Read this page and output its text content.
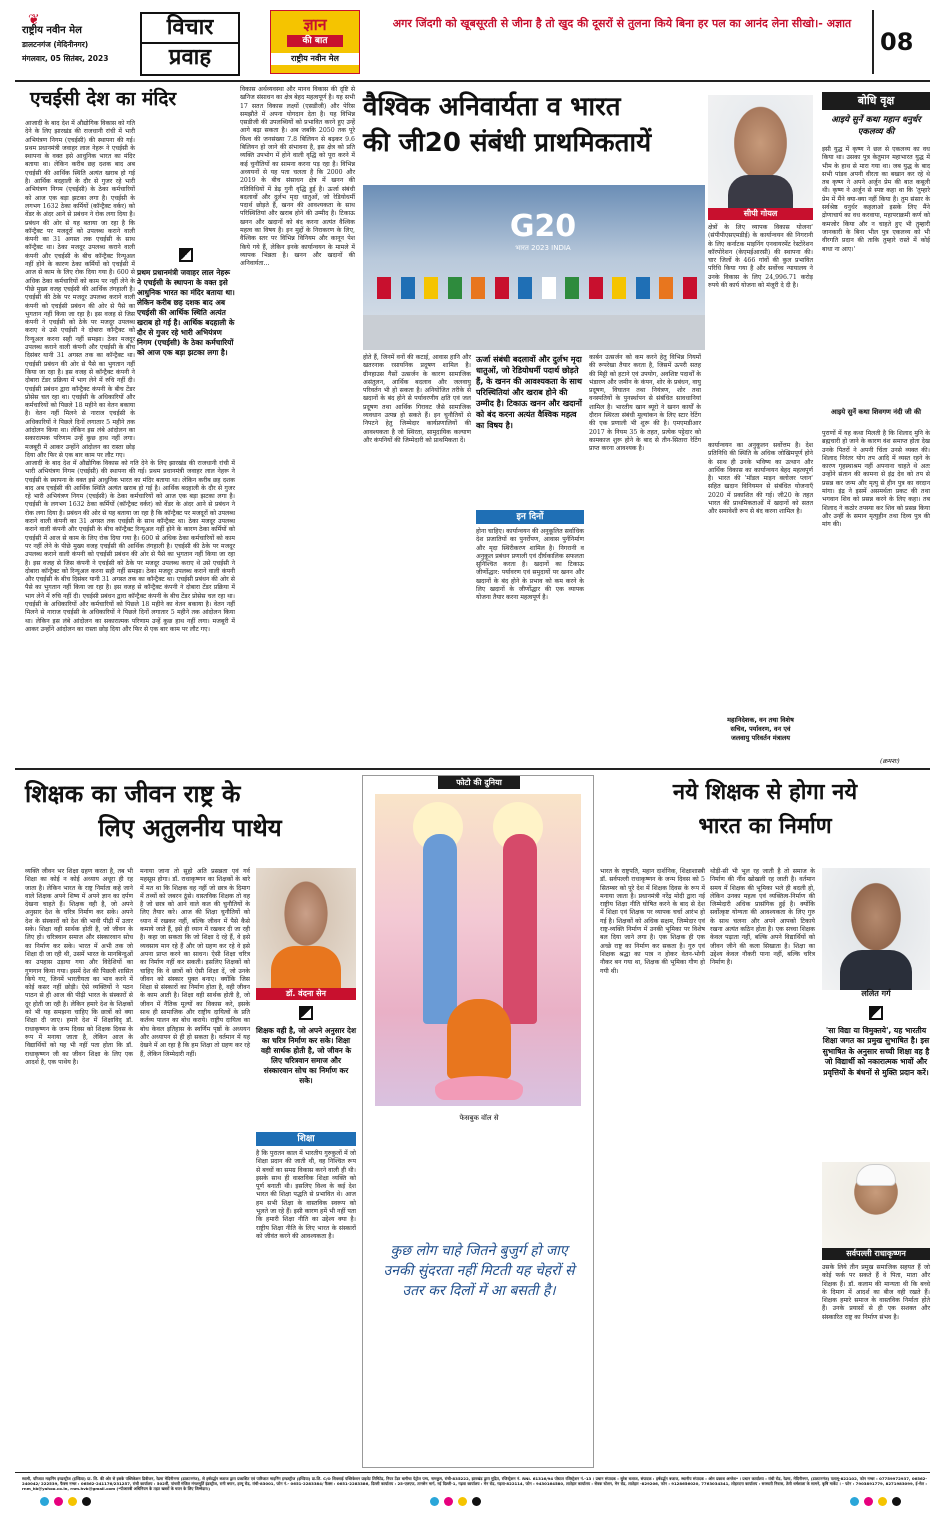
❦
राष्ट्रीय नवीन मेल
डालटनगंज (मेदिनीनगर)
मंगलवार, 05 सितंबर, 2023
विचार
प्रवाह
ज्ञान
की बात
राष्ट्रीय नवीन मेल
अगर जिंदगी को खूबसूरती से जीना है तो खुद की दूसरों से तुलना किये बिना हर पल का आनंद लेना सीखो।- अज्ञात
08
एचईसी देश का मंदिर
आजादी के बाद देश में औद्योगिक विकास को गति देने के लिए झारखंड की राजधानी रांची में भारी अभियंत्रण निगम (एचईसी) की स्थापना की गई। प्रथम प्रधानमंत्री जवाहर लाल नेहरू ने एचईसी के स्थापना के वक्त इसे आधुनिक भारत का मंदिर बताया था। लेकिन करीब छह दशक बाद अब एचईसी की आर्थिक स्थिति अत्यंत खराब हो गई है। आर्थिक बदहाली के दौर से गुजर रहे भारी अभियंत्रण निगम (एचईसी) के ठेका कर्मचारियों को आज एक बड़ा झटका लगा है। एचईसी के लगभग 1632 ठेका कर्मियों (कॉन्ट्रैक्ट वर्कर) को वेंडर के अंदर आने से प्रबंधन ने रोक लगा दिया है। प्रबंधन की ओर से यह बताया जा रहा है कि कॉन्ट्रैक्ट पर मजदूरों को उपलब्ध कराने वाली कंपनी का 31 अगस्त तक एचईसी के साथ कॉन्ट्रैक्ट था। ठेका मजदूर उपलब्ध कराने वाली कंपनी और एचईसी के बीच कॉन्ट्रैक्ट रिन्यूअल नहीं होने के कारण ठेका कर्मियों को एचईसी में आज से काम के लिए रोक दिया गया है। 600 से अधिक ठेका कर्मचारियों को काम पर नहीं लेने के पीछे मुख्य वजह एचईसी की आर्थिक तंगहाली है। एचईसी की ठेके पर मजदूर उपलब्ध कराने वाली कंपनी को एचईसी प्रबंधन की ओर से पैसे का भुगतान नहीं किया जा रहा है। इस वजह से जिस कंपनी ने एचईसी को ठेके पर मजदूर उपलब्ध कराए थे उसे एचईसी ने दोबारा कॉन्ट्रैक्ट को रिन्यूअल करना सही नहीं समझा। ठेका मजदूर उपलब्ध कराने वाली कंपनी और एचईसी के बीच दिसंबर यानी 31 अगस्त तक का कॉन्ट्रैक्ट था। एचईसी प्रबंधन की ओर से पैसे का भुगतान नहीं किया जा रहा है। इस वजह से कॉन्ट्रैक्ट कंपनी ने दोबारा टेंडर प्रक्रिया में भाग लेने में रुचि नहीं दी। एचईसी प्रबंधन द्वारा कॉन्ट्रैक्ट कंपनी के बीच टेंडर प्रोसेस चल रहा था। एचईसी के अधिकारियों और कर्मचारियों को पिछले 18 महीने का वेतन बकाया है। वेतन नहीं मिलने से नाराज एचईसी के अधिकारियों ने पिछले दिनों लगातार 5 महीने तक आंदोलन किया था। लेकिन इस लंबे आंदोलन का सकारात्मक परिणाम उन्हें कुछ हाथ नहीं लगा। मजबूरी में आकर उन्होंने आंदोलन का रास्ता छोड़ दिया और फिर से एक बार काम पर लौट गए।
प्रथम प्रधानमंत्री जवाहर लाल नेहरू ने एचईसी के स्थापना के वक्त इसे आधुनिक भारत का मंदिर बताया था। लेकिन करीब छह दशक बाद अब एचईसी की आर्थिक स्थिति अत्यंत खराब हो गई है। आर्थिक बदहाली के दौर से गुजर रहे भारी अभियंत्रण निगम (एचईसी) के ठेका कर्मचारियों को आज एक बड़ा झटका लगा है।
आजादी के बाद देश में औद्योगिक विकास को गति देने के लिए झारखंड की राजधानी रांची में भारी अभियंत्रण निगम (एचईसी) की स्थापना की गई। प्रथम प्रधानमंत्री जवाहर लाल नेहरू ने एचईसी के स्थापना के वक्त इसे आधुनिक भारत का मंदिर बताया था। लेकिन करीब छह दशक बाद अब एचईसी की आर्थिक स्थिति अत्यंत खराब हो गई है। आर्थिक बदहाली के दौर से गुजर रहे भारी अभियंत्रण निगम (एचईसी) के ठेका कर्मचारियों को आज एक बड़ा झटका लगा है। एचईसी के लगभग 1632 ठेका कर्मियों (कॉन्ट्रैक्ट वर्कर) को वेंडर के अंदर आने से प्रबंधन ने रोक लगा दिया है। प्रबंधन की ओर से यह बताया जा रहा है कि कॉन्ट्रैक्ट पर मजदूरों को उपलब्ध कराने वाली कंपनी का 31 अगस्त तक एचईसी के साथ कॉन्ट्रैक्ट था। ठेका मजदूर उपलब्ध कराने वाली कंपनी और एचईसी के बीच कॉन्ट्रैक्ट रिन्यूअल नहीं होने के कारण ठेका कर्मियों को एचईसी में आज से काम के लिए रोक दिया गया है। 600 से अधिक ठेका कर्मचारियों को काम पर नहीं लेने के पीछे मुख्य वजह एचईसी की आर्थिक तंगहाली है। एचईसी की ठेके पर मजदूर उपलब्ध कराने वाली कंपनी को एचईसी प्रबंधन की ओर से पैसे का भुगतान नहीं किया जा रहा है। इस वजह से जिस कंपनी ने एचईसी को ठेके पर मजदूर उपलब्ध कराए थे उसे एचईसी ने दोबारा कॉन्ट्रैक्ट को रिन्यूअल करना सही नहीं समझा। ठेका मजदूर उपलब्ध कराने वाली कंपनी और एचईसी के बीच दिसंबर यानी 31 अगस्त तक का कॉन्ट्रैक्ट था। एचईसी प्रबंधन की ओर से पैसे का भुगतान नहीं किया जा रहा है। इस वजह से कॉन्ट्रैक्ट कंपनी ने दोबारा टेंडर प्रक्रिया में भाग लेने में रुचि नहीं दी। एचईसी प्रबंधन द्वारा कॉन्ट्रैक्ट कंपनी के बीच टेंडर प्रोसेस चल रहा था। एचईसी के अधिकारियों और कर्मचारियों को पिछले 18 महीने का वेतन बकाया है। वेतन नहीं मिलने से नाराज एचईसी के अधिकारियों ने पिछले दिनों लगातार 5 महीने तक आंदोलन किया था। लेकिन इस लंबे आंदोलन का सकारात्मक परिणाम उन्हें कुछ हाथ नहीं लगा। मजबूरी में आकर उन्होंने आंदोलन का रास्ता छोड़ दिया और फिर से एक बार काम पर लौट गए।
विकास अर्थव्यवस्था और मानव विकास की दृष्टि से खनिज संसाधन का क्षेत्र बेहद महत्वपूर्ण है। यह सभी 17 सतत विकास लक्ष्यों (एसडीजी) और पेरिस समझौते में अपना योगदान देता है। यह विभिन्न एसडीजी की उपलब्धियों को प्रभावित करने हुए उन्हें आगे बढ़ा सकता है। अब जबकि 2050 तक पूरे विश्व की जनसंख्या 7.8 बिलियन से बढ़कर 9.6 बिलियन हो जाने की संभावना है, इस क्षेत्र को प्रति व्यक्ति उपभोग में होने वाली वृद्धि को पूरा करने में कई चुनौतियों का सामना करना पड़ रहा है। विभिन्न अध्ययनों से यह पता चलता है कि 2000 और 2019 के बीच संसाधन क्षेत्र में खनन की गतिविधियों में डेढ़ गुनी वृद्धि हुई है। ऊर्जा संबंधी बदलावों और दुर्लभ मृदा धातुओं, जो रेडियोधर्मी पदार्थ छोड़ते हैं, खनन की आवश्यकता के साथ परिस्थितियां और खराब होने की उम्मीद है। टिकाऊ खनन और खदानों को बंद करना अत्यंत वैश्विक महत्व का विषय है। इन मुद्दों के निराकरण के लिए, वैश्विक स्तर पर विभिन्न विनियम और कानून पेश किये गये हैं, लेकिन इनके कार्यान्वयन के मामले में व्यापक भिन्नता है। खनन और खदानों की अनिवार्यता...
वैश्विक अनिवार्यता व भारत
की जी20 संबंधी प्राथमिकतायें
G20
भारत 2023 INDIA
सीपी गोयल
क्षेत्रों के लिए व्यापक विकास योजना' (संपीपीएसएमडीई) के कार्यान्वयन की निगरानी के लिए कर्नाटक माइनिंग एनवायरमेंट रेस्टोरेशन कॉरपोरेशन (केएमईआरसी) की स्थापना की। चार जिलों के 466 गांवों की कुल प्रभावित परिधि किया गया है और सर्वोच्च न्यायालय ने उनके विकास के लिए 24,996.71 करोड़ रुपये की कार्य योजना को मंजूरी दे दी है।
होते हैं, जिनमें वनों की कटाई, आवास हानि और खतरनाक रसायनिक प्रदूषण शामिल है। ग्रीनहाउस गैसों उत्सर्जन के कारण सामाजिक असंतुलन, आर्थिक बदलाव और जलवायु परिवर्तन भी हो सकता है। अनियोजित तरीके से खदानों के बंद होने से पर्यावरणीय क्षति एवं जल प्रदूषण तथा आर्थिक गिरावट जैसे सामाजिक व्यवधान उत्पन्न हो सकते हैं। इन चुनौतियों से निपटने हेतु जिम्मेदार कार्यप्रणालियों की आवश्यकता है जो स्थिरता, सामुदायिक कल्याण और कंपनियों की जिम्मेदारी को प्राथमिकता दें।
ऊर्जा संबंधी बदलावों और दुर्लभ मृदा धातुओं, जो रेडियोधर्मी पदार्थ छोड़ते हैं, के खनन की आवश्यकता के साथ परिस्थितियां और खराब होने की उम्मीद है। टिकाऊ खनन और खदानों को बंद करना अत्यंत वैश्विक महत्व का विषय है।
इन दिनों
होना चाहिए। कार्यान्वयन की अनुकूलित सर्वाधिक देश प्रजातियों का पुनर्रोपण, आवास पुर्ननिर्माण और मृदा स्थिरीकरण शामिल है। निगरानी व अनुकूल प्रबंधन प्रणाली एवं दीर्घकालिक सफलता सुनिश्चित करता है। खदानों का टिकाऊ जीर्णोद्धार: पर्यावरण एवं समुदायों पर खनन और खदानों के बंद होने के प्रभाव को कम करने के लिए खदानों के जीर्णोद्धार की एक व्यापक योजना तैयार करना महत्वपूर्ण है।
कार्बन उत्सर्जन को कम करने हेतु विभिन्न नियमों की रूपरेखा तैयार करता है, जिसमें ऊपरी सतह की मिट्टी को हटाने एवं उपयोग, अवशिष्ट पदार्थों के भंडारण और जमीन के कंपन, शोर के प्रबंधन, वायु प्रदूषण, विघातन तथा नियंत्रण, शोर तथा वनस्पतियों के पुनर्स्थापन से संबंधित सावधानियां शामिल है। भारतीय खान ब्यूरो ने खनन कार्यों के दौरान स्थिरता संबंधी मूल्यांकन के लिए स्टार रेटिंग की एक प्रणाली भी शुरू की है। एमएमडीआर 2017 के नियम 35 के तहत, प्रत्येक पट्टेदार को कामकाज शुरू होने के बाद से तीन-सितारा रेटिंग प्राप्त करना आवश्यक है।	कार्यान्वयन का अनुकूलन सर्वोत्तम है। देश प्रतिनिधि की स्थिति के अधिक जोखिमपूर्ण होने के साथ ही उनके भविष्य का उत्थान और आर्थिक विकास का कार्यान्वयन बेहद महत्वपूर्ण है। भारत की 'मॉडल माइन क्लोजर प्लान' सहित खदान विनियमन से संबंधित योजनाएँ 2020 में प्रकाशित की गई। जी20 के तहत भारत की प्राथमिकताओं में खदानों को सतत और समावेशी रूप से बंद करना शामिल है।
महानिदेशक, वन तथा विशेष
सचिव, पर्यावरण, वन एवं
जलवायु परिवर्तन मंत्रालय
बोधि वृक्ष
आइये सुनें कथा महान धनुर्धर एकलव्य की
इसी युद्ध में कृष्ण ने छल से एकलव्य का वध किया था। उसका पुत्र केतुमान महाभारत युद्ध में भीम के हाथ से मारा गया था। जब युद्ध के बाद सभी पांडव अपनी वीरता का बखान कर रहे थे तब कृष्ण ने अपने अर्जुन प्रेम की बात कबूली थी। कृष्ण ने अर्जुन से स्पष्ट कहा था कि 'तुम्हारे प्रेम में मैंने क्या-क्या नहीं किया है। तुम संसार के सर्वश्रेष्ठ धनुर्धर कहलाओ इसके लिए मैंने द्रोणाचार्य का वध करवाया, महापराक्रमी कर्ण को कमजोर किया और न चाहते हुए भी तुम्हारी जानकारी के बिना भील पुत्र एकलव्य को भी वीरगति प्रदान की ताकि तुम्हारे रास्ते में कोई बाधा ना आए।'
आइये सुनें कथा शिवगण नंदी जी की
पुराणों में यह कथा मिलती है कि शिलाद मुनि के ब्रह्मचारी हो जाने के कारण वंश समाप्त होता देख उनके पितरों ने अपनी चिंता उनसे व्यक्त की। शिलाद निरंतर योग तप आदि में व्यस्त रहने के कारण गृहस्थाश्रम नहीं अपनाना चाहते थे अतः उन्होंने संतान की कामना से इंद्र देव को तप से प्रसन्न कर जन्म और मृत्यु से हीन पुत्र का वरदान मांगा। इंद्र ने इसमें असमर्थता प्रकट की तथा भगवान शिव को प्रसन्न करने के लिए कहा। तब शिलाद ने कठोर तपस्या कर शिव को प्रसन्न किया और उन्हीं के समान मृत्युहीन तथा दिव्य पुत्र की मांग की।
(क्रमशः)
शिक्षक का जीवन राष्ट्र के
लिए अतुलनीय पाथेय
व्यक्ति जीवन भर शिक्षा ग्रहण करता है, तब भी शिक्षा का कोई न कोई अध्याय अधूरा ही रह जाता है। लेकिन भारत के राष्ट्र निर्माता कहे जाने वाले शिक्षक अपने शिष्य में अपने ज्ञान का दर्पण देखना चाहते हैं। शिक्षक वही है, जो अपने अनुसार देश के चरित्र निर्माण कर सके। अपने देश के संस्कारों को देश की भावी पीढ़ी में उतार सके। शिक्षा वही सार्थक होती है, जो जीवन के लिए हो। चरित्रवान समाज और संस्कारवान सोच का निर्माण कर सके। भारत में अभी तक जो शिक्षा दी जा रही थी, उसमें भारत के मानबिन्दुओं का उपहास उड़ाया गया और विदेशियों का गुणगान किया गया। इसमें देश की पिछली शासित किये गए, जिनमें भारतीयता का भाव करने में कोई कसर नहीं छोड़ी। ऐसे व्यक्तियों ने पठन पाठन से ही आज की पीढ़ी भारत के संस्कारों से दूर होती जा रही है। लेकिन हमारे देश के शिक्षकों को भी यह समझना चाहिए कि छात्रों को क्या शिक्षा दी जाए। हमारे देश में शिक्षाविद् डॉ. राधाकृष्णन के जन्म दिवस को शिक्षक दिवस के रूप में मनाया जाता है, लेकिन आज के विद्यार्थियों को यह भी नहीं पता होता कि डॉ. राधाकृष्णन जी का जीवन शिक्षा के लिए एक आदर्श है, एक पाथेय है।
मनाया जाना तो सुहो अति प्रसन्नता एवं गर्व महसूस होगा। डॉ. राधाकृष्णन का शिक्षकों के बारे में मत था कि शिक्षक वह नहीं जो छात्र के दिमाग में तथ्यों को जबरन ठूंसे। वास्तविक शिक्षक तो वह है जो छात्र को आने वाले कल की चुनौतियों के लिए तैयार करे। आज की शिक्षा चुनौतियों को ध्यान में रखकर नहीं, बल्कि जीवन में पैसे कैसे कमाये जाते हैं, इसे ही ध्यान में रखकर दी जा रही है। कहा जा सकता कि जो शिक्षा दे रहे हैं, वे इसे व्यवसाय मान रहे हैं और जो ग्रहण कर रहे वे इसे अपना प्राप्त करने का साधन। ऐसी शिक्षा चरित्र का निर्माण नहीं कर सकती। इसलिए शिक्षकों को चाहिए कि वे छात्रों को ऐसी शिक्षा दें, जो उनके जीवन को संस्कार युक्त बनाए। क्योंकि जिस शिक्षा से संस्कारों का निर्माण होता है, वही जीवन के काम आती है। शिक्षा वही सार्थक होती है, जो जीवन में नैतिक मूल्यों का विकास करे, इसके साथ ही सामाजिक और राष्ट्रीय दायित्वों के प्रति कर्तव्य पालन का बोध कराये। राष्ट्रीय दायित्व का बोध केवल इतिहास के स्वर्णिम पृष्ठों के अध्ययन और अध्यापन से ही हो सकता है। वर्तमान में यह देखने में आ रहा है कि हम शिक्षा तो ग्रहण कर रहे हैं, लेकिन जिम्मेदारी नहीं।
डॉ. वंदना सेन
शिक्षक वही है, जो अपने अनुसार देश का चरित्र निर्माण कर सके। शिक्षा वही सार्थक होती है, जो जीवन के लिए चरित्रवान समाज और संस्कारवान सोच का निर्माण कर सके।
शिक्षा
है कि पुरातन काल में भारतीय गुरुकुलों में जो शिक्षा प्रदान की जाती थी, वह निश्चित रूप से बच्चों का समग्र विकास करने वाली ही थी। इसके साथ ही वास्तविक शिक्षा व्यक्ति को पूर्ण बनाती थी। इसलिए विश्व के कई देश भारत की शिक्षा पद्धति से प्रभावित थे। आज हम सभी शिक्षा के वास्तविक स्वरूप को भूलते जा रहे हैं। इसी कारण हमें भी नहीं पता कि हमारी शिक्षा नीति का उद्देश्य क्या है। राष्ट्रीय शिक्षा नीति के लिए भारत के संस्कारों को जीवंत करने की आवश्यकता है।
फोटो की दुनिया
फेसबुक वॉल से
कुछ लोग चाहे जितने बुजुर्ग हो जाए उनकी सुंदरता नहीं मिटती यह चेहरों से उतर कर दिलों में आ बसती है।
नये शिक्षक से होगा नये
भारत का निर्माण
भारत के राष्ट्रपति, महान दार्शनिक, शिक्षाशास्त्री डॉ. सर्वपल्ली राधाकृष्णन के जन्म दिवस को 5 सितम्बर को पूरे देश में शिक्षक दिवस के रूप में मनाया जाता है। प्रधानमंत्री नरेंद्र मोदी द्वारा नई राष्ट्रीय शिक्षा नीति घोषित करने के बाद से देश में शिक्षा एवं शिक्षक पर व्यापक चर्चा आरंभ हो गई है। शिक्षकों को अधिक सक्षम, जिम्मेदार एवं राष्ट्र-व्यक्ति निर्माण में उनकी भूमिका पर विशेष बल दिया जाने लगा है। एक शिक्षक ही एक अच्छे राष्ट्र का निर्माण कर सकता है। गुरु एवं शिक्षक श्रद्धा का पात्र न होकर वेतन-भोगी नौकर बन गया था, शिक्षक की भूमिका गौण हो गयी थी।
थोड़ी-सी भी भूल रह जाती है तो समाज के निर्माण की नींव खोखली रह जाती है। वर्तमान समय में शिक्षक की भूमिका भले ही बदली हो, लेकिन उनका महत्व एवं व्यक्तित्व-निर्माण की जिम्मेदारी अधिक प्रासंगिक हुई है। क्योंकि सर्वोत्कृष्ट योग्यता की आवश्यकता के लिए गुरु के साथ चलना और अपने आपको टिकाये रखना अत्यंत कठिन होता है। एक सच्चा शिक्षक केवल पढ़ाता नहीं, बल्कि अपने विद्यार्थियों को जीवन जीने की कला सिखाता है। शिक्षा का उद्देश्य केवल नौकरी पाना नहीं, बल्कि चरित्र निर्माण है।
ललित गर्ग
'सा विद्या या विमुक्तये', यह भारतीय शिक्षा जगत का प्रमुख सुभाषित है। इस सुभाषित के अनुसार सच्ची शिक्षा वह है जो विद्यार्थी को नकारात्मक भावों और प्रवृत्तियों के बंधनों से मुक्ति प्रदान करें।
सर्वपल्ली राधाकृष्णन
उसके लिये तीन प्रमुख समाजिक सहयत हैं जो कोई फर्क पर सकते हैं वे पिता, माता और शिक्षक हैं। डॉ. कलाम की मान्यता थी कि बच्चे के दिमाग में आदर्श का बीज वही रखते हैं। शिक्षक हमारे समाज के वास्तविक निर्माता होते हैं। उनके प्रयासों से ही एक सशक्त और संस्कारित राष्ट्र का निर्माण संभव है।
स्वामी, परिजात माइनिंग इण्डस्ट्रीज (इण्डिया) प्रा. लि. की ओर से इसके पब्लिकेशन डिवीजन, रेडमा मेदिनीनगर (डालटनगंज), से हर्षवर्द्धन बजाज द्वारा प्रकाशित एवं पारिजात माइनिंग इण्डस्ट्रीज (इण्डिया) प्रा.लि. C/O शिवसाई पब्लिकेशन प्राइवेट लिमिटेड, नियर टेंडर बागीचा पेट्रोल पम्प, नामकुम, रांची-835222, झारखंड द्वारा मुद्रित, रजिस्ट्रेशन नं. RNI. 61316/94 पोस्टल रजिस्ट्रेशन नं.-13 । प्रधान संपादक : सुरेश बजाज, संपादक : हर्षवर्द्धन बजाज, स्थानीय संपादक : ओम प्रकाश अमरेश* । प्रधान कार्यालय : रांची रोड, रेडमा, मेदिनीनगर, (डालटनगंज) पलामू-822102, फोन नम्बर : 07759972937, 06562-240042/ 222539, फैक्स नम्बर : 06562-241176/231257, रांची कार्यालय : 502वीं, पांचवीं मंजिल मंगलमूर्ति इंडस्ट्रीज, रानी बगान, हरमू रोड, रांची-83001, फोन नं.- 0651-2283384/ फैक्स : 0651-2283386, दिल्ली कार्यालय : 25-एलएफ, तानसेन मार्ग, नई दिल्ली-1, गढ़वा कार्यालय : मेन रोड, गढ़वा-822114, फोन : 9430164580, लातेहार कार्यालय : सेवक स्टेशन, मेन रोड, लातेहार -829206, फोन : 9128656020, 7763034341, लोहरदगा कार्यालय : सरस्वती निवास, तेली धर्मशाला के सामने, कृषि मार्केट । - फोन : 7903891779, 8271983099, ई-मेल : rnm_hb@yahoo.co.in, rnm.hvb@gmail.com (*पीआरबी अधिनियम के तहत खबरों के चयन के लिए जिम्मेदार।)
